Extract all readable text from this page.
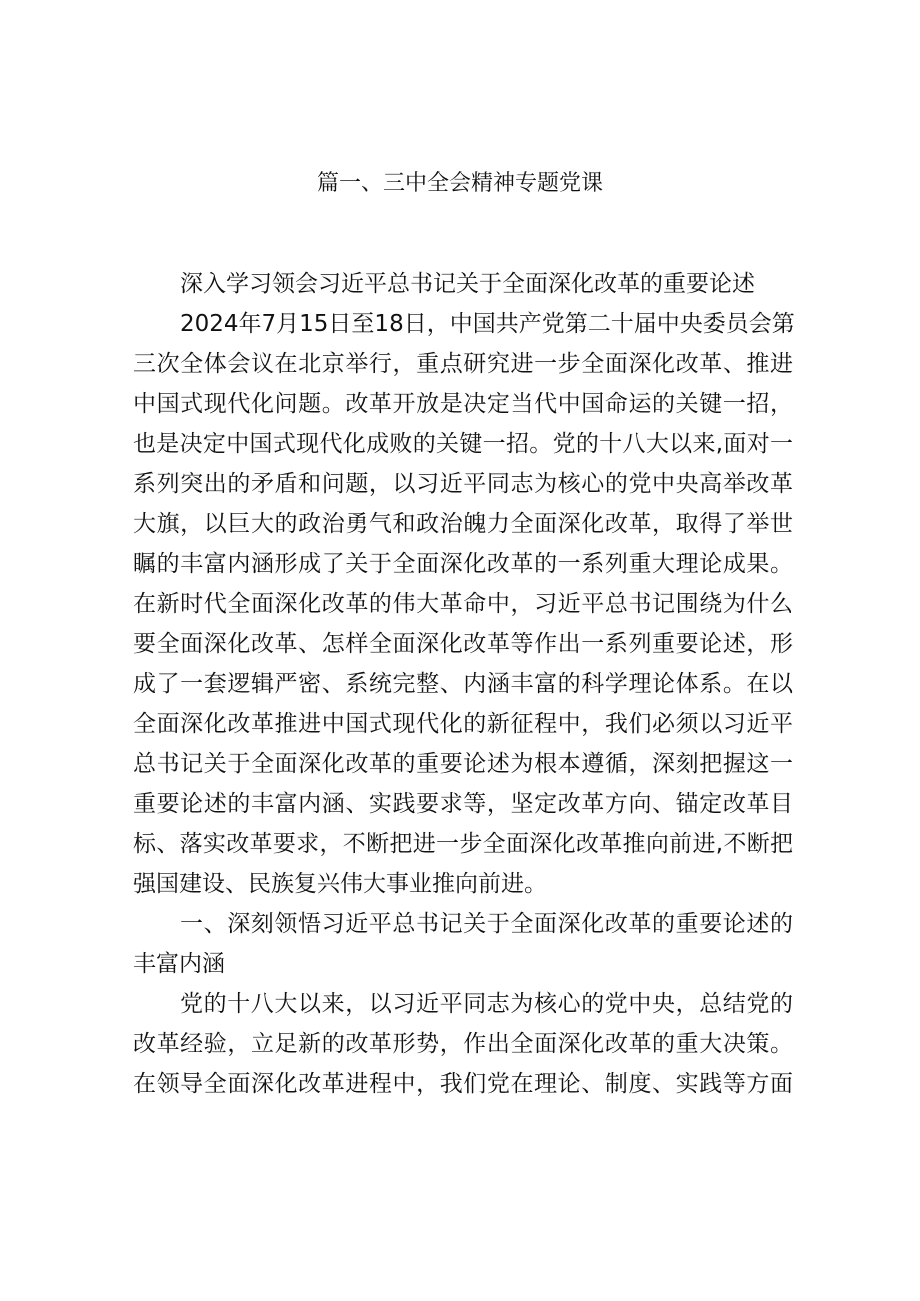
篇一、三中全会精神专题党课
深入学习领会习近平总书记关于全面深化改革的重要论述
2024年7月15日至18日，中国共产党第二十届中央委员会第
三次全体会议在北京举行，重点研究进一步全面深化改革、推进
中国式现代化问题。改革开放是决定当代中国命运的关键一招，
也是决定中国式现代化成败的关键一招。党的十八大以来,面对一
系列突出的矛盾和问题，以习近平同志为核心的党中央高举改革
大旗，以巨大的政治勇气和政治魄力全面深化改革，取得了举世
瞩的丰富内涵形成了关于全面深化改革的一系列重大理论成果。
在新时代全面深化改革的伟大革命中，习近平总书记围绕为什么
要全面深化改革、怎样全面深化改革等作出一系列重要论述，形
成了一套逻辑严密、系统完整、内涵丰富的科学理论体系。在以
全面深化改革推进中国式现代化的新征程中，我们必须以习近平
总书记关于全面深化改革的重要论述为根本遵循，深刻把握这一
重要论述的丰富内涵、实践要求等，坚定改革方向、锚定改革目
标、落实改革要求，不断把进一步全面深化改革推向前进,不断把
强国建设、民族复兴伟大事业推向前进。
一、深刻领悟习近平总书记关于全面深化改革的重要论述的
丰富内涵
党的十八大以来，以习近平同志为核心的党中央，总结党的
改革经验，立足新的改革形势，作出全面深化改革的重大决策。
在领导全面深化改革进程中，我们党在理论、制度、实践等方面
